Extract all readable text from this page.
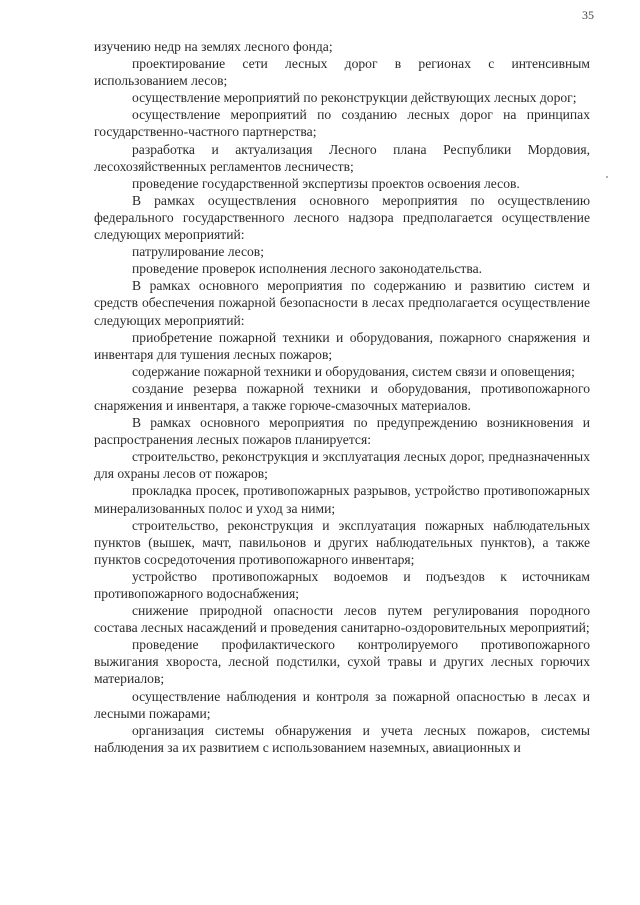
35

изучению недр на землях лесного фонда;

проектирование сети лесных дорог в регионах с интенсивным использованием лесов;

осуществление мероприятий по реконструкции действующих лесных дорог;

осуществление мероприятий по созданию лесных дорог на принципах государственно-частного партнерства;

разработка и актуализация Лесного плана Республики Мордовия, лесохозяйственных регламентов лесничеств;

проведение государственной экспертизы проектов освоения лесов.

В рамках осуществления основного мероприятия по осуществлению федерального государственного лесного надзора предполагается осуществление следующих мероприятий:

патрулирование лесов;

проведение проверок исполнения лесного законодательства.

В рамках основного мероприятия по содержанию и развитию систем и средств обеспечения пожарной безопасности в лесах предполагается осуществление следующих мероприятий:

приобретение пожарной техники и оборудования, пожарного снаряжения и инвентаря для тушения лесных пожаров;

содержание пожарной техники и оборудования, систем связи и оповещения;

создание резерва пожарной техники и оборудования, противопожарного снаряжения и инвентаря, а также горюче-смазочных материалов.

В рамках основного мероприятия по предупреждению возникновения и распространения лесных пожаров планируется:

строительство, реконструкция и эксплуатация лесных дорог, предназначенных для охраны лесов от пожаров;

прокладка просек, противопожарных разрывов, устройство противопожарных минерализованных полос и уход за ними;

строительство, реконструкция и эксплуатация пожарных наблюдательных пунктов (вышек, мачт, павильонов и других наблюдательных пунктов), а также пунктов сосредоточения противопожарного инвентаря;

устройство противопожарных водоемов и подъездов к источникам противопожарного водоснабжения;

снижение природной опасности лесов путем регулирования породного состава лесных насаждений и проведения санитарно-оздоровительных мероприятий;

проведение профилактического контролируемого противопожарного выжигания хвороста, лесной подстилки, сухой травы и других лесных горючих материалов;

осуществление наблюдения и контроля за пожарной опасностью в лесах и лесными пожарами;

организация системы обнаружения и учета лесных пожаров, системы наблюдения за их развитием с использованием наземных, авиационных и
